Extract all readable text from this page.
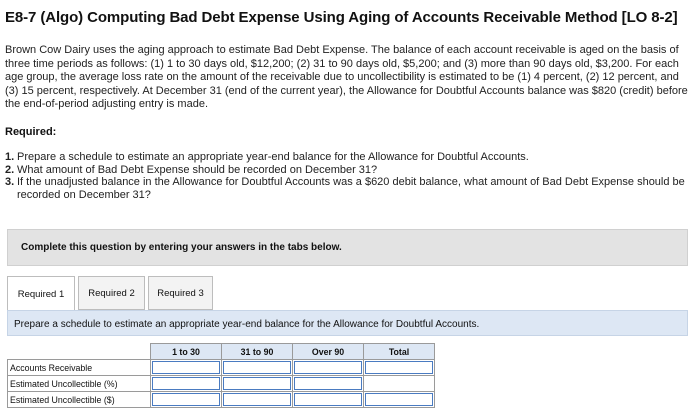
E8-7 (Algo) Computing Bad Debt Expense Using Aging of Accounts Receivable Method [LO 8-2]
Brown Cow Dairy uses the aging approach to estimate Bad Debt Expense. The balance of each account receivable is aged on the basis of three time periods as follows: (1) 1 to 30 days old, $12,200; (2) 31 to 90 days old, $5,200; and (3) more than 90 days old, $3,200. For each age group, the average loss rate on the amount of the receivable due to uncollectibility is estimated to be (1) 4 percent, (2) 12 percent, and (3) 15 percent, respectively. At December 31 (end of the current year), the Allowance for Doubtful Accounts balance was $820 (credit) before the end-of-period adjusting entry is made.
Required:
1. Prepare a schedule to estimate an appropriate year-end balance for the Allowance for Doubtful Accounts.
2. What amount of Bad Debt Expense should be recorded on December 31?
3. If the unadjusted balance in the Allowance for Doubtful Accounts was a $620 debit balance, what amount of Bad Debt Expense should be recorded on December 31?
Complete this question by entering your answers in the tabs below.
Required 1	Required 2	Required 3
Prepare a schedule to estimate an appropriate year-end balance for the Allowance for Doubtful Accounts.
	1 to 30	31 to 90	Over 90	Total
Accounts Receivable				
Estimated Uncollectible (%)				
Estimated Uncollectible ($)				
